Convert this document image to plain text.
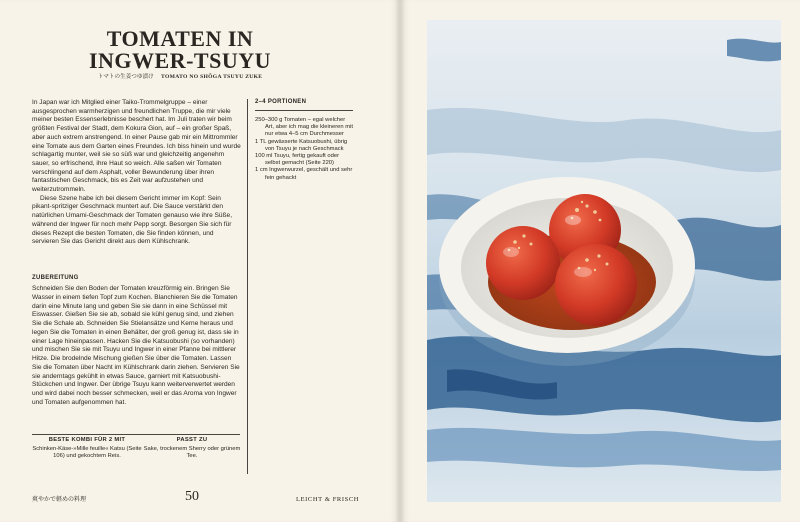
TOMATEN IN
INGWER-TSUYU
トマトの生姜つゆ漬け TOMATO NO SHŌGA TSUYU ZUKE

In Japan war ich Mitglied einer Taiko-Trommelgruppe – einer ausgesprochen warmherzigen und freundlichen Truppe, die mir viele meiner besten Essenserlebnisse beschert hat. Im Juli traten wir beim größten Festival der Stadt, dem Kokura Gion, auf – ein großer Spaß, aber auch extrem anstrengend. In einer Pause gab mir ein Mittrommler eine Tomate aus dem Garten eines Freundes. Ich biss hinein und wurde schlagartig munter, weil sie so süß war und gleichzeitig angenehm sauer, so erfrischend, ihre Haut so weich. Alle saßen wir Tomaten verschlingend auf dem Asphalt, voller Bewunderung über ihren fantastischen Geschmack, bis es Zeit war aufzustehen und weiterzutrommeln.

Diese Szene habe ich bei diesem Gericht immer im Kopf: Sein pikant-spritziger Geschmack muntert auf. Die Sauce verstärkt den natürlichen Umami-Geschmack der Tomaten genauso wie ihre Süße, während der Ingwer für noch mehr Pepp sorgt. Besorgen Sie sich für dieses Rezept die besten Tomaten, die Sie finden können, und servieren Sie das Gericht direkt aus dem Kühlschrank.

ZUBEREITUNG

Schneiden Sie den Boden der Tomaten kreuzförmig ein. Bringen Sie Wasser in einem tiefen Topf zum Kochen. Blanchieren Sie die Tomaten darin eine Minute lang und geben Sie sie dann in eine Schüssel mit Eiswasser. Gießen Sie sie ab, sobald sie kühl genug sind, und ziehen Sie die Schale ab. Schneiden Sie Stielansätze und Kerne heraus und legen Sie die Tomaten in einen Behälter, der groß genug ist, dass sie in einer Lage hineinpassen. Hacken Sie die Katsuobushi (so vorhanden) und mischen Sie sie mit Tsuyu und Ingwer in einer Pfanne bei mittlerer Hitze. Die brodelnde Mischung gießen Sie über die Tomaten. Lassen Sie die Tomaten über Nacht im Kühlschrank darin ziehen. Servieren Sie sie anderntags gekühlt in etwas Sauce, garniert mit Katsuobushi-Stückchen und Ingwer. Der übrige Tsuyu kann weiterverwertet werden und wird dabei noch besser schmecken, weil er das Aroma von Ingwer und Tomaten aufgenommen hat.

2–4 PORTIONEN
250–300 g Tomaten – egal welcher Art, aber ich mag die kleineren mit nur etwa 4–5 cm Durchmesser
1 TL gewässerte Katsuobushi, übrig von Tsuyu je nach Geschmack
100 ml Tsuyu, fertig gekauft oder selbst gemacht (Seite 220)
1 cm Ingwerwurzel, geschält und sehr fein gehackt
BESTE KOMBI FÜR 2 MIT
Schinken-Käse-»Mille feuille« Katsu (Seite 106) und gekochtem Reis.
PASST ZU
Sake, trockenem Sherry oder grünem Tee.
爽やかで軽めの料理	50	LEICHT & FRISCH
